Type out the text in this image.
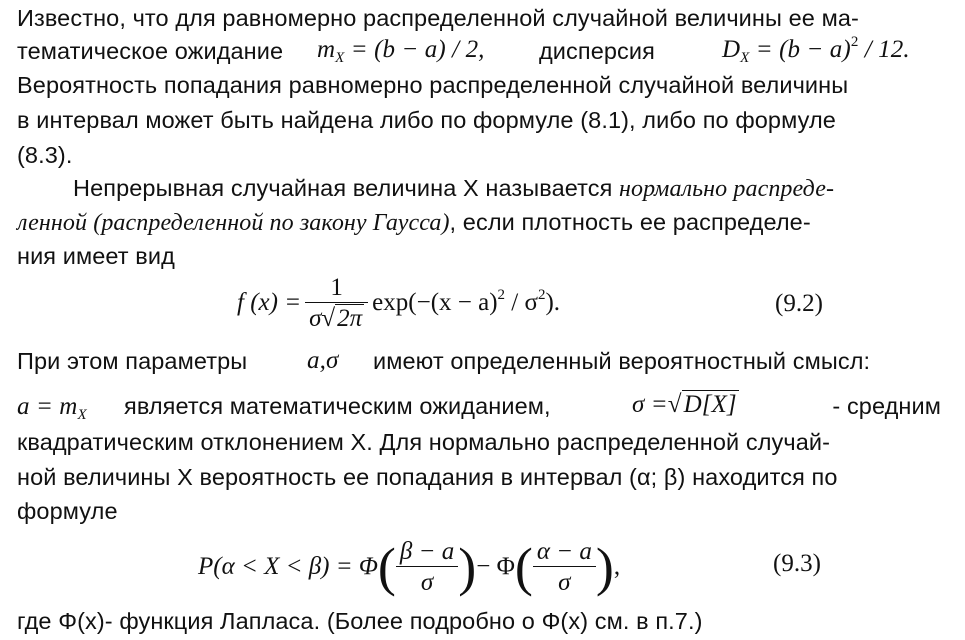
Известно, что для равномерно распределенной случайной величины ее ма-
тематическое ожидание $m_X = (b - a) / 2$, дисперсия	$D_X = (b - a)^2 / 12$.
Вероятность попадания равномерно распределенной случайной величины
в интервал может быть найдена либо по формуле (8.1), либо по формуле
(8.3).
Непрерывная случайная величина X называется нормально распреде-
ленной (распределенной по закону Гаусса), если плотность ее распределе-
ния имеет вид
f $(x) = \frac{1}{\sigma√2\pi} \exp(-(x - a)^2 / \sigma^2)$.	(9.2)
При этом параметры a,σ имеют определенный вероятностный смысл:
$a = m_X$ является математическим ожиданием,	σ =√D[X]	- средним
квадратическим отклонением X. Для нормально распределенной случай-
ной величины X вероятность ее попадания в интервал (α; β) находится по
формуле
P(α < X < β) = Φ ( $\frac{\beta - a}{\sigma}$ ) − Φ ( $\frac{\alpha - a}{\sigma}$ ) ,	(9.3)
где Φ(x)- функция Лапласа. (Более подробно о Φ(x) см. в п.7.)
